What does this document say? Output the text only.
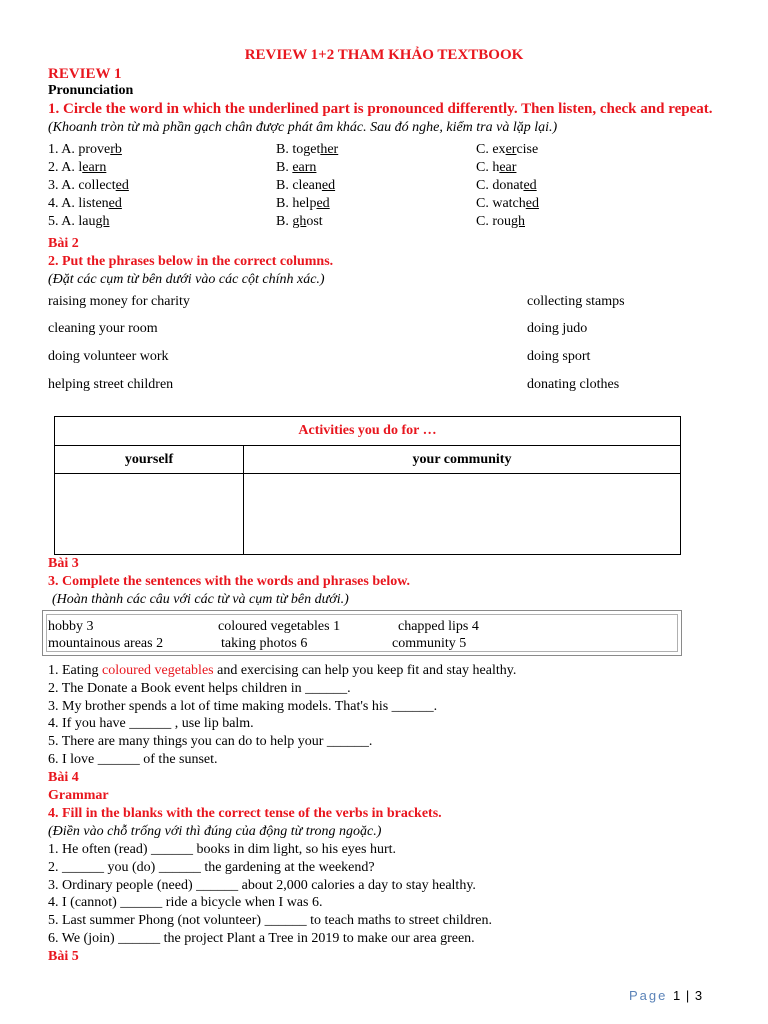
REVIEW 1+2 THAM KHẢO TEXTBOOK
REVIEW 1
Pronunciation
1. Circle the word in which the underlined part is pronounced differently. Then listen, check and repeat.
(Khoanh tròn từ mà phần gạch chân được phát âm khác. Sau đó nghe, kiểm tra và lặp lại.)
1. A. proverb	B. together	C. exercise
2. A. learn	B. earn	C. hear
3. A. collected	B. cleaned	C. donated
4. A. listened	B. helped	C. watched
5. A. laugh	B. ghost	C. rough
Bài 2
2. Put the phrases below in the correct columns.
(Đặt các cụm từ bên dưới vào các cột chính xác.)
raising money for charity
cleaning your room
doing volunteer work
helping street children
collecting stamps
doing judo
doing sport
donating clothes
Activities you do for …	
yourself	your community

Bài 3
3. Complete the sentences with the words and phrases below.
(Hoàn thành các câu với các từ và cụm từ bên dưới.)
hobby 3	coloured vegetables 1	chapped lips 4
mountainous areas 2	taking photos 6	community 5
1. Eating coloured vegetables and exercising can help you keep fit and stay healthy.
2. The Donate a Book event helps children in ______.
3. My brother spends a lot of time making models. That's his ______.
4. If you have ______ , use lip balm.
5. There are many things you can do to help your ______.
6. I love ______ of the sunset.
Bài 4
Grammar
4. Fill in the blanks with the correct tense of the verbs in brackets.
(Điền vào chỗ trống với thì đúng của động từ trong ngoặc.)
1. He often (read) ______ books in dim light, so his eyes hurt.
2. ______ you (do) ______ the gardening at the weekend?
3. Ordinary people (need) ______ about 2,000 calories a day to stay healthy.
4. I (cannot) ______ ride a bicycle when I was 6.
5. Last summer Phong (not volunteer) ______ to teach maths to street children.
6. We (join) ______ the project Plant a Tree in 2019 to make our area green.
Bài 5
Page 1 | 3
